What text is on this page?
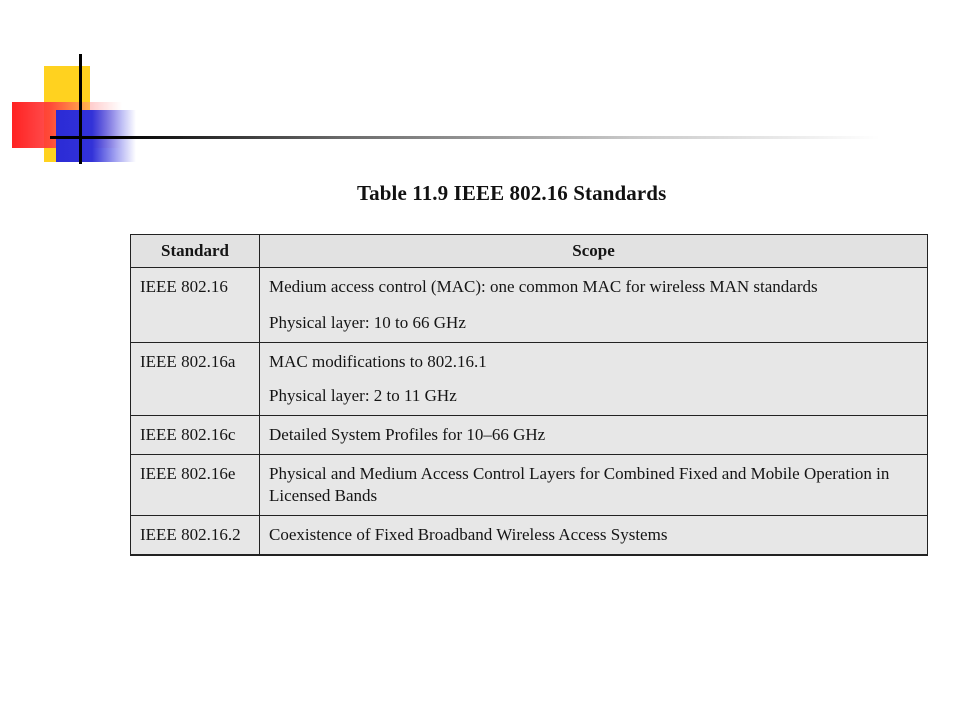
Table 11.9 IEEE 802.16 Standards
Standard	Scope
IEEE 802.16	Medium access control (MAC): one common MAC for wireless MAN standards
Physical layer: 10 to 66 GHz

IEEE 802.16a	MAC modifications to 802.16.1
Physical layer: 2 to 11 GHz

IEEE 802.16c	Detailed System Profiles for 10–66 GHz

IEEE 802.16e	Physical and Medium Access Control Layers for Combined Fixed and Mobile Operation in Licensed Bands

IEEE 802.16.2	Coexistence of Fixed Broadband Wireless Access Systems
